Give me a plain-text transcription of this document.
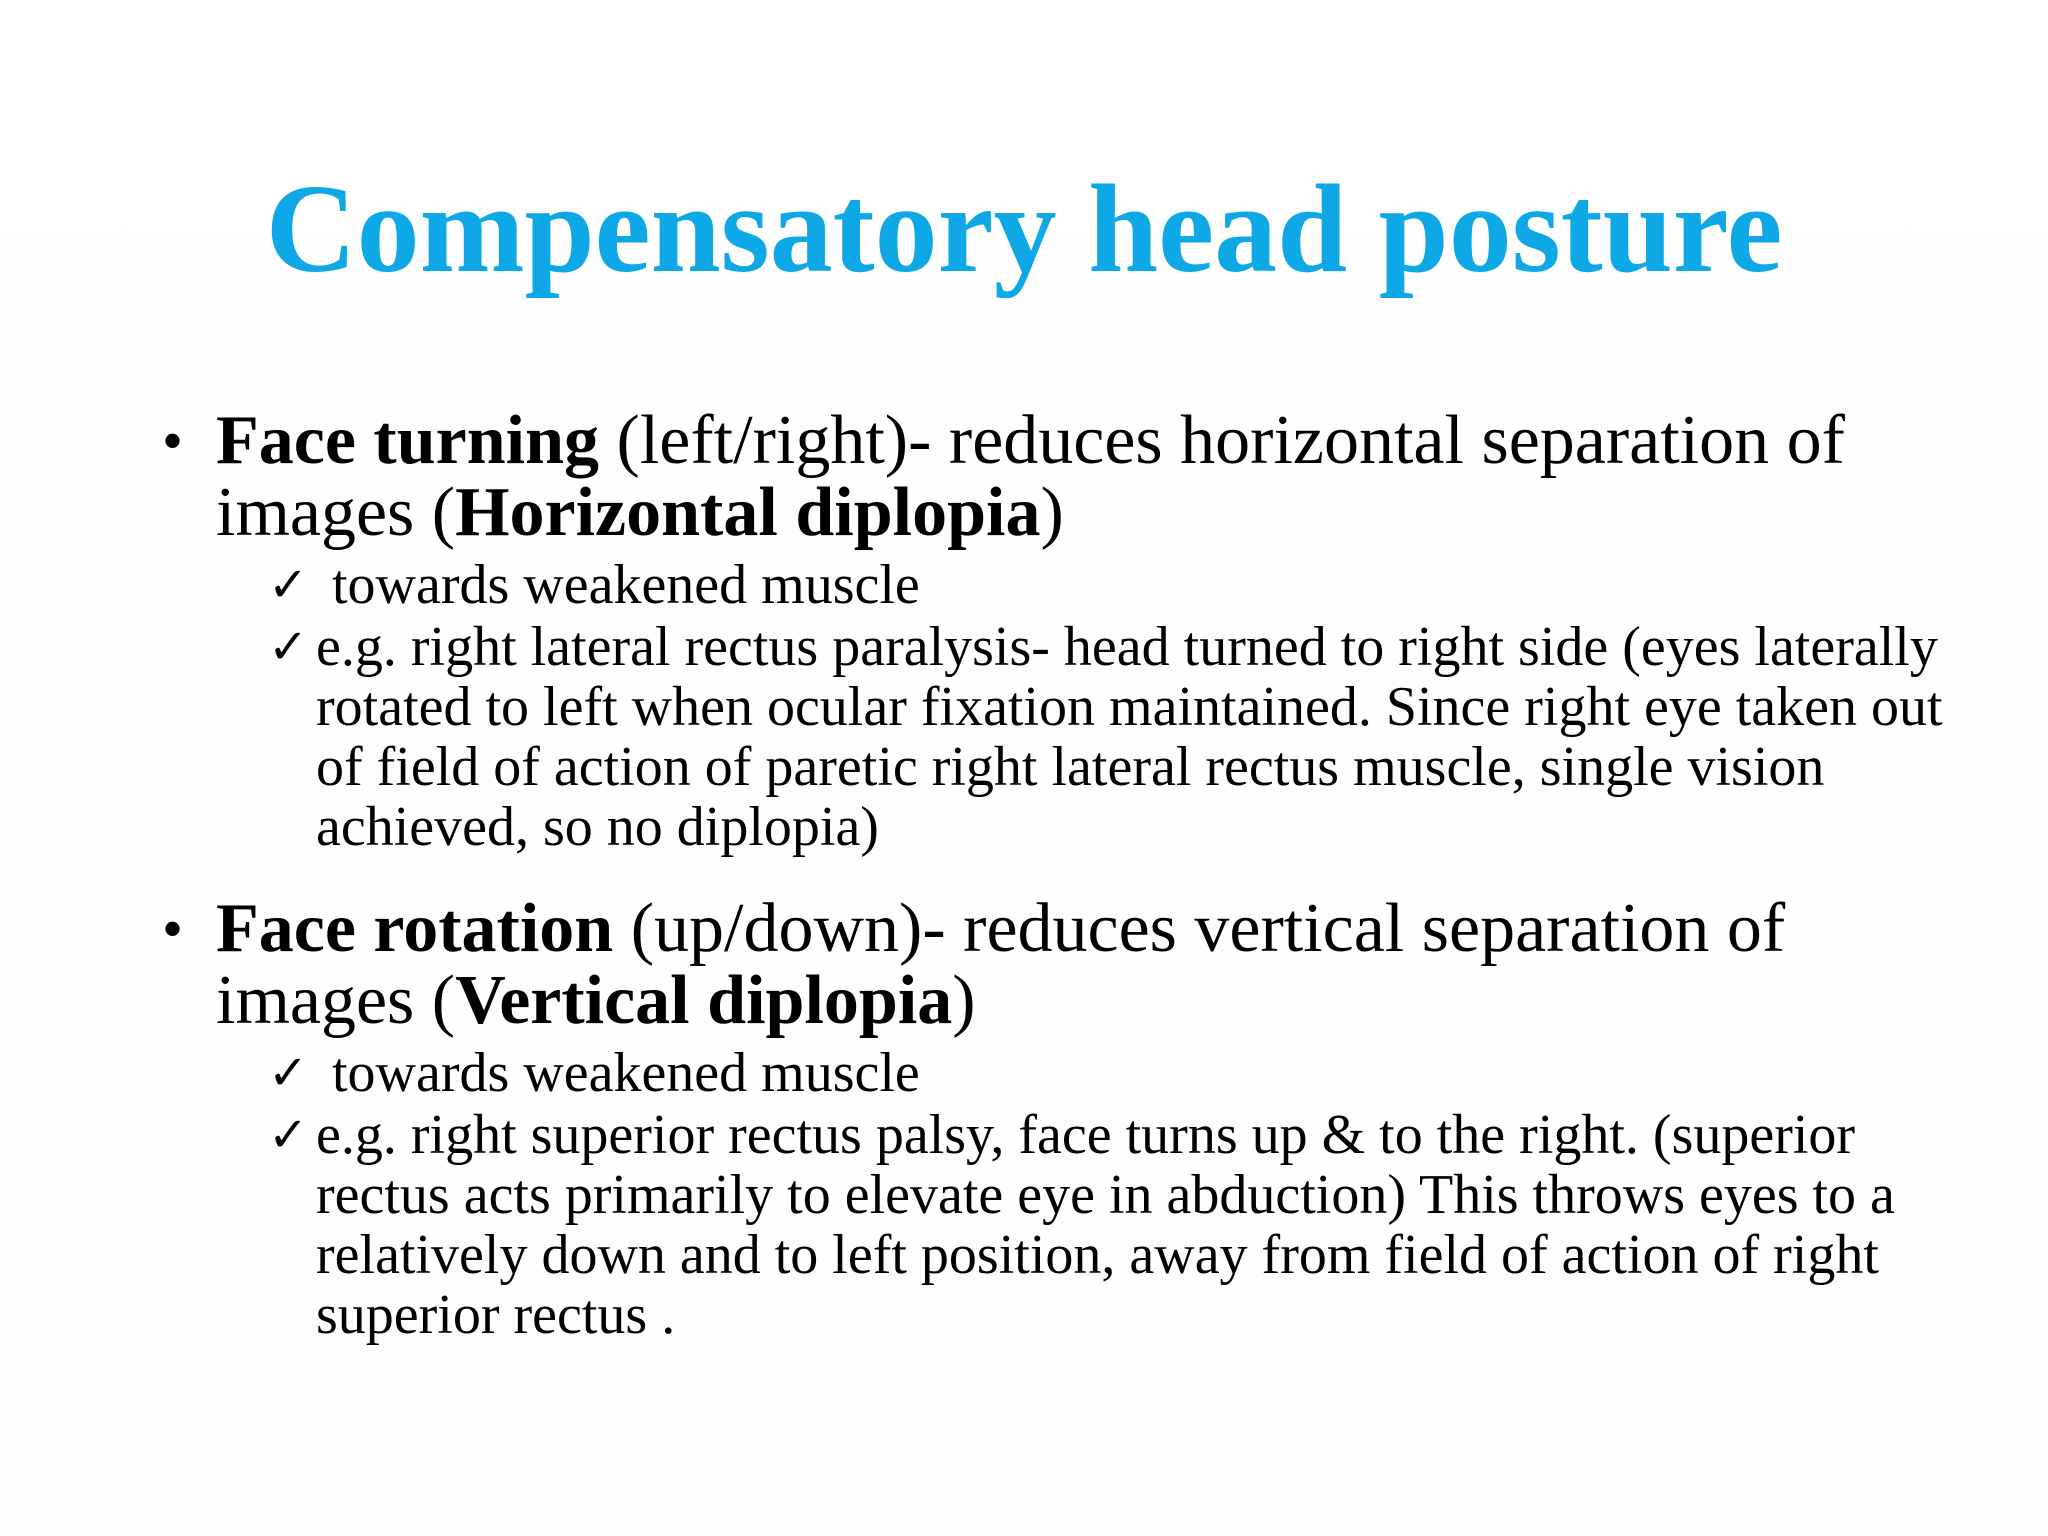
Compensatory head posture
• Face turning (left/right)- reduces horizontal separation of images (Horizontal diplopia)
✓ towards weakened muscle
✓ e.g. right lateral rectus paralysis- head turned to right side (eyes laterally rotated to left when ocular fixation maintained. Since right eye taken out of field of action of paretic right lateral rectus muscle, single vision achieved, so no diplopia)
• Face rotation (up/down)- reduces vertical separation of images (Vertical diplopia)
✓ towards weakened muscle
✓ e.g. right superior rectus palsy, face turns up & to the right. (superior rectus acts primarily to elevate eye in abduction) This throws eyes to a relatively down and to left position, away from field of action of right superior rectus .
